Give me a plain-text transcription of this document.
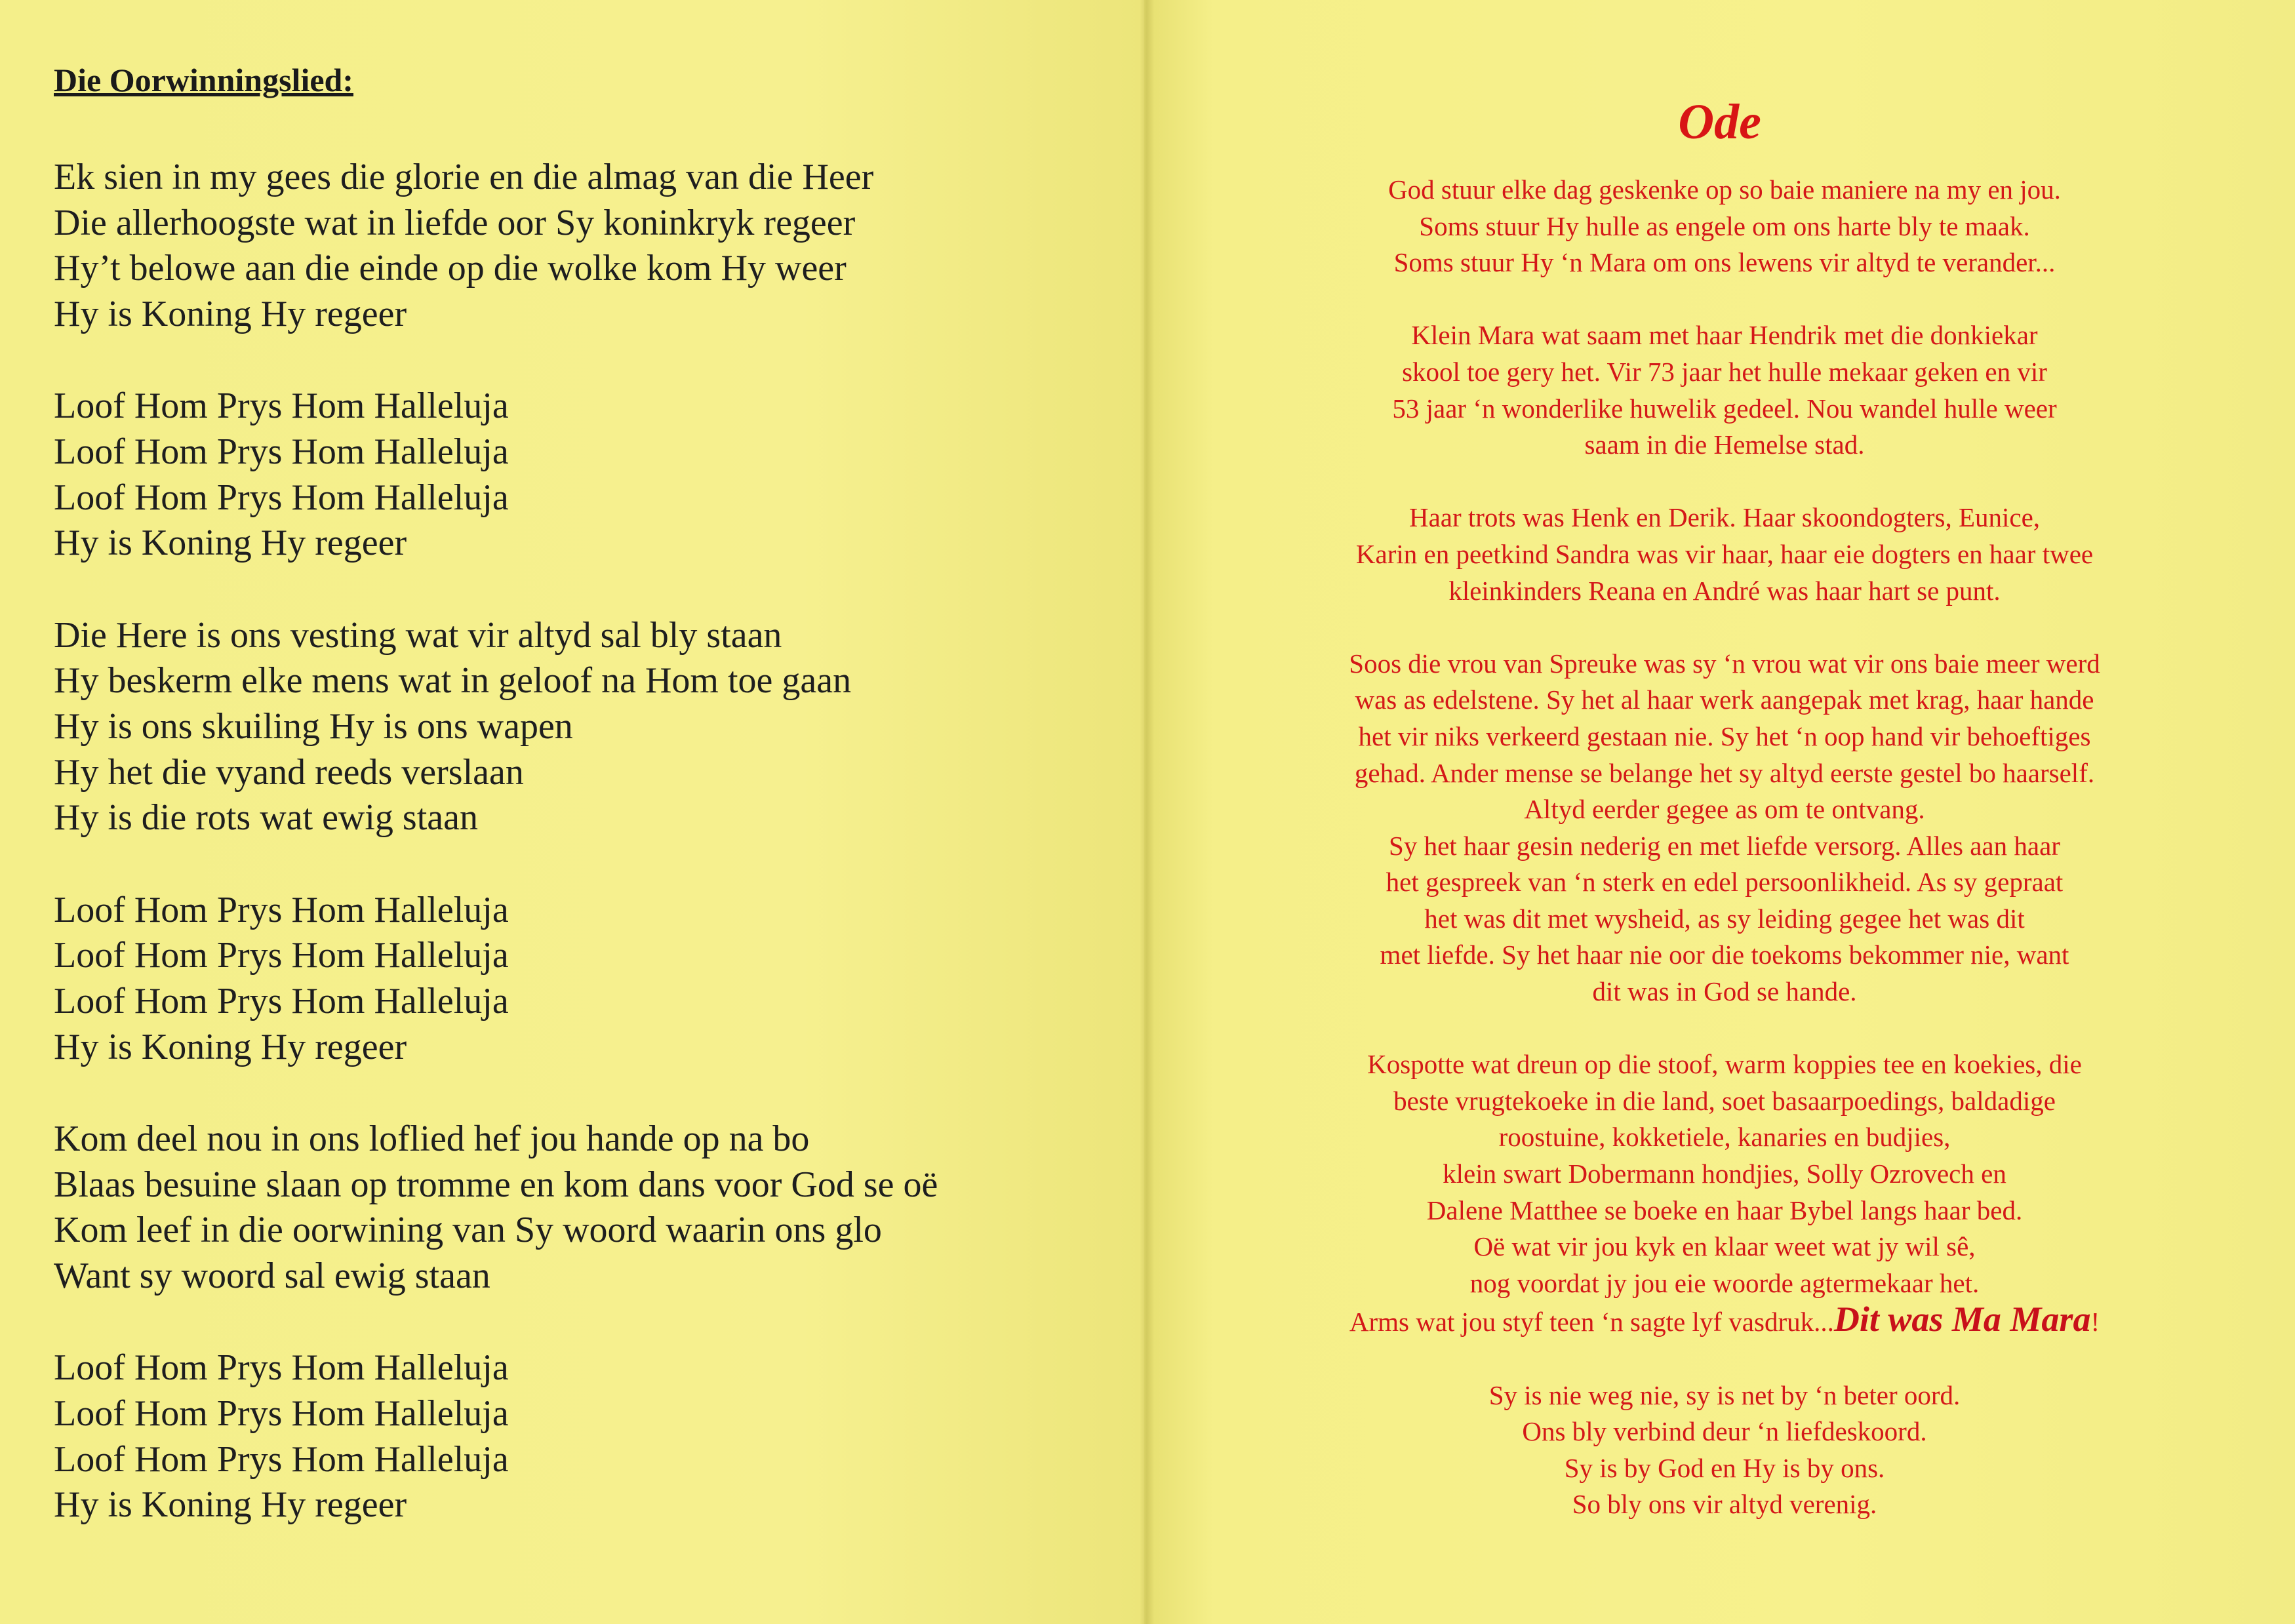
Die Oorwinningslied:
Ek sien in my gees die glorie en die almag van die Heer
Die allerhoogste wat in liefde oor Sy koninkryk regeer
Hy’t belowe aan die einde op die wolke kom Hy weer
Hy is Koning Hy regeer
Loof Hom Prys Hom Halleluja
Loof Hom Prys Hom Halleluja
Loof Hom Prys Hom Halleluja
Hy is Koning Hy regeer
Die Here is ons vesting wat vir altyd sal bly staan
Hy beskerm elke mens wat in geloof na Hom toe gaan
Hy is ons skuiling Hy is ons wapen
Hy het die vyand reeds verslaan
Hy is die rots wat ewig staan
Loof Hom Prys Hom Halleluja
Loof Hom Prys Hom Halleluja
Loof Hom Prys Hom Halleluja
Hy is Koning Hy regeer
Kom deel nou in ons loflied hef jou hande op na bo
Blaas besuine slaan op tromme en kom dans voor God se oë
Kom leef in die oorwining van Sy woord waarin ons glo
Want sy woord sal ewig staan
Loof Hom Prys Hom Halleluja
Loof Hom Prys Hom Halleluja
Loof Hom Prys Hom Halleluja
Hy is Koning Hy regeer
Ode
God stuur elke dag geskenke op so baie maniere na my en jou.
Soms stuur Hy hulle as engele om ons harte bly te maak.
Soms stuur Hy ‘n Mara om ons lewens vir altyd te verander...
Klein Mara wat saam met haar Hendrik met die donkiekar
skool toe gery het. Vir 73 jaar het hulle mekaar geken en vir
53 jaar ‘n wonderlike huwelik gedeel. Nou wandel hulle weer
saam in die Hemelse stad.
Haar trots was Henk en Derik. Haar skoondogters, Eunice,
Karin en peetkind Sandra was vir haar, haar eie dogters en haar twee
kleinkinders Reana en André was haar hart se punt.
Soos die vrou van Spreuke was sy ‘n vrou wat vir ons baie meer werd
was as edelstene. Sy het al haar werk aangepak met krag, haar hande
het vir niks verkeerd gestaan nie. Sy het ‘n oop hand vir behoeftiges
gehad. Ander mense se belange het sy altyd eerste gestel bo haarself.
Altyd eerder gegee as om te ontvang.
Sy het haar gesin nederig en met liefde versorg. Alles aan haar
het gespreek van ‘n sterk en edel persoonlikheid. As sy gepraat
het was dit met wysheid, as sy leiding gegee het was dit
met liefde. Sy het haar nie oor die toekoms bekommer nie, want
dit was in God se hande.
Kospotte wat dreun op die stoof, warm koppies tee en koekies, die
beste vrugtekoeke in die land, soet basaarpoedings, baldadige
roostuine, kokketiele, kanaries en budjies,
klein swart Dobermann hondjies, Solly Ozrovech en
Dalene Matthee se boeke en haar Bybel langs haar bed.
Oë wat vir jou kyk en klaar weet wat jy wil sê,
nog voordat jy jou eie woorde agtermekaar het.
Arms wat jou styf teen ‘n sagte lyf vasdruk...Dit was Ma Mara!
Sy is nie weg nie, sy is net by ‘n beter oord.
Ons bly verbind deur ‘n liefdeskoord.
Sy is by God en Hy is by ons.
So bly ons vir altyd verenig.
